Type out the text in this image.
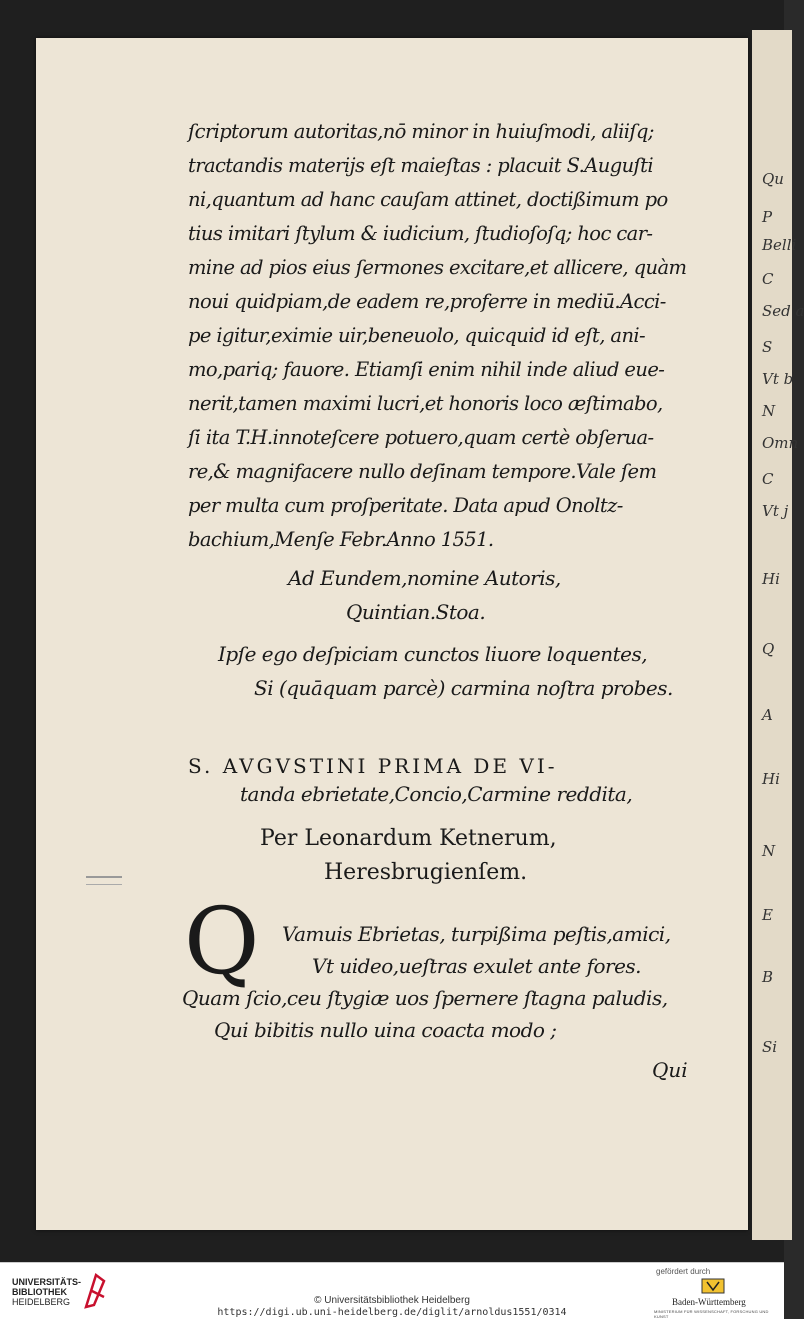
Qu
P
Belli
C
Sed a
S
Vt b
N
Omn
C
Vt j
Hi
Q
A
Hi
N
E
B
Si
ſcriptorum autoritas,nō minor in huiuſmodi, aliiſq;
tractandis materijs eſt maieſtas : placuit S.Auguſti
ni,quantum ad hanc cauſam attinet, doctißimum po
tius imitari ſtylum & iudicium, ſtudioſoſq; hoc car-
mine ad pios eius ſermones excitare,et allicere, quàm
noui quidpiam,de eadem re,proferre in mediū.Acci-
pe igitur,eximie uir,beneuolo, quicquid id eſt, ani-
mo,pariq; fauore. Etiamſi enim nihil inde aliud eue-
nerit,tamen maximi lucri,et honoris loco æſtimabo,
ſi ita T.H.innoteſcere potuero,quam certè obſerua-
re,& magnifacere nullo deſinam tempore.Vale ſem
per multa cum proſperitate. Data apud Onoltz-
bachium,Menſe Febr.Anno 1551.
Ad Eundem,nomine Autoris,
Quintian.Stoa.
Ipſe ego deſpiciam cunctos liuore loquentes,
Si (quāquam parcè) carmina noſtra probes.
S. AVGVSTINI PRIMA DE VI-
tanda ebrietate,Concio,Carmine reddita,
Per Leonardum Ketnerum,
Heresbrugienſem.
Q Vamuis Ebrietas, turpißima peſtis,amici,
Vt uideo,ueſtras exulet ante fores.
Quam ſcio,ceu ſtygiæ uos ſpernere ſtagna paludis,
Qui bibitis nullo uina coacta modo ;
Qui
UNIVERSITÄTS-
BIBLIOTHEK
HEIDELBERG	© Universitätsbibliothek Heidelberg
https://digi.ub.uni-heidelberg.de/diglit/arnoldus1551/0314
gefördert durch
Baden-Württemberg
MINISTERIUM FÜR WISSENSCHAFT, FORSCHUNG UND KUNST
